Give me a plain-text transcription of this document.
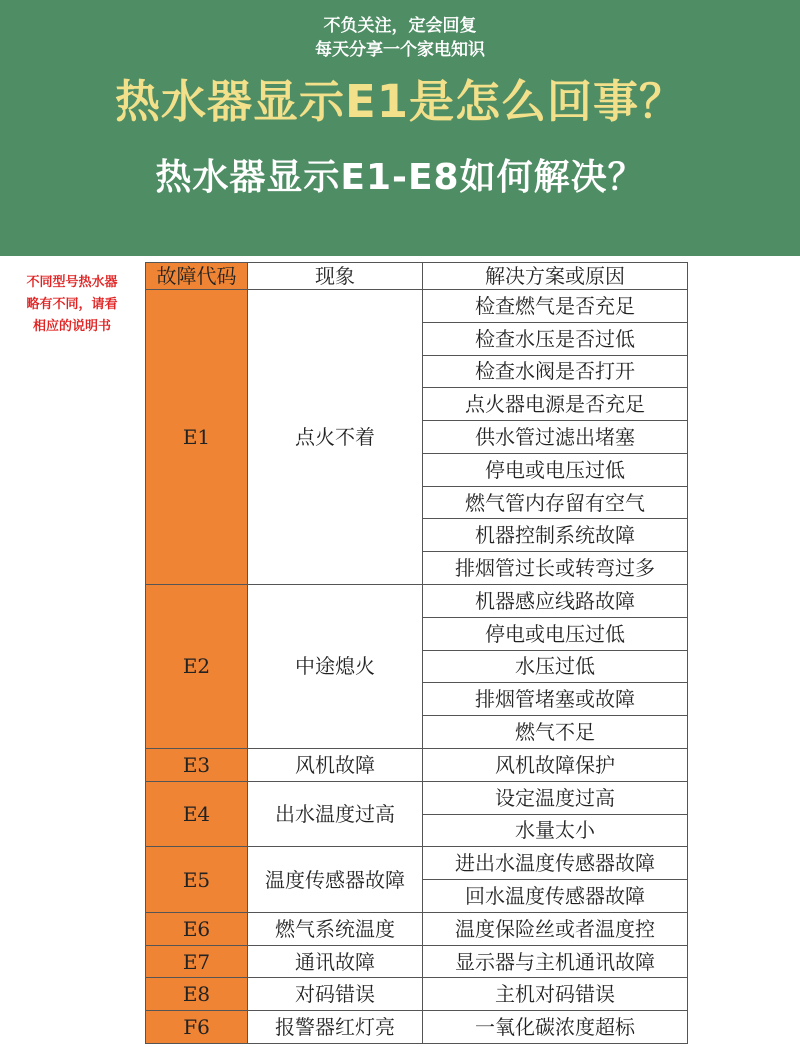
不负关注，定会回复
每天分享一个家电知识
热水器显示E1是怎么回事？
热水器显示E1-E8如何解决？
不同型号热水器
略有不同，请看
相应的说明书
故障代码	现象	解决方案或原因
E1	点火不着	检查燃气是否充足
		检查水压是否过低
		检查水阀是否打开
		点火器电源是否充足
		供水管过滤出堵塞
		停电或电压过低
		燃气管内存留有空气
		机器控制系统故障
		排烟管过长或转弯过多
E2	中途熄火	机器感应线路故障
		停电或电压过低
		水压过低
		排烟管堵塞或故障
		燃气不足
E3	风机故障	风机故障保护
E4	出水温度过高	设定温度过高
		水量太小
E5	温度传感器故障	进出水温度传感器故障
		回水温度传感器故障
E6	燃气系统温度	温度保险丝或者温度控
E7	通讯故障	显示器与主机通讯故障
E8	对码错误	主机对码错误
F6	报警器红灯亮	一氧化碳浓度超标
